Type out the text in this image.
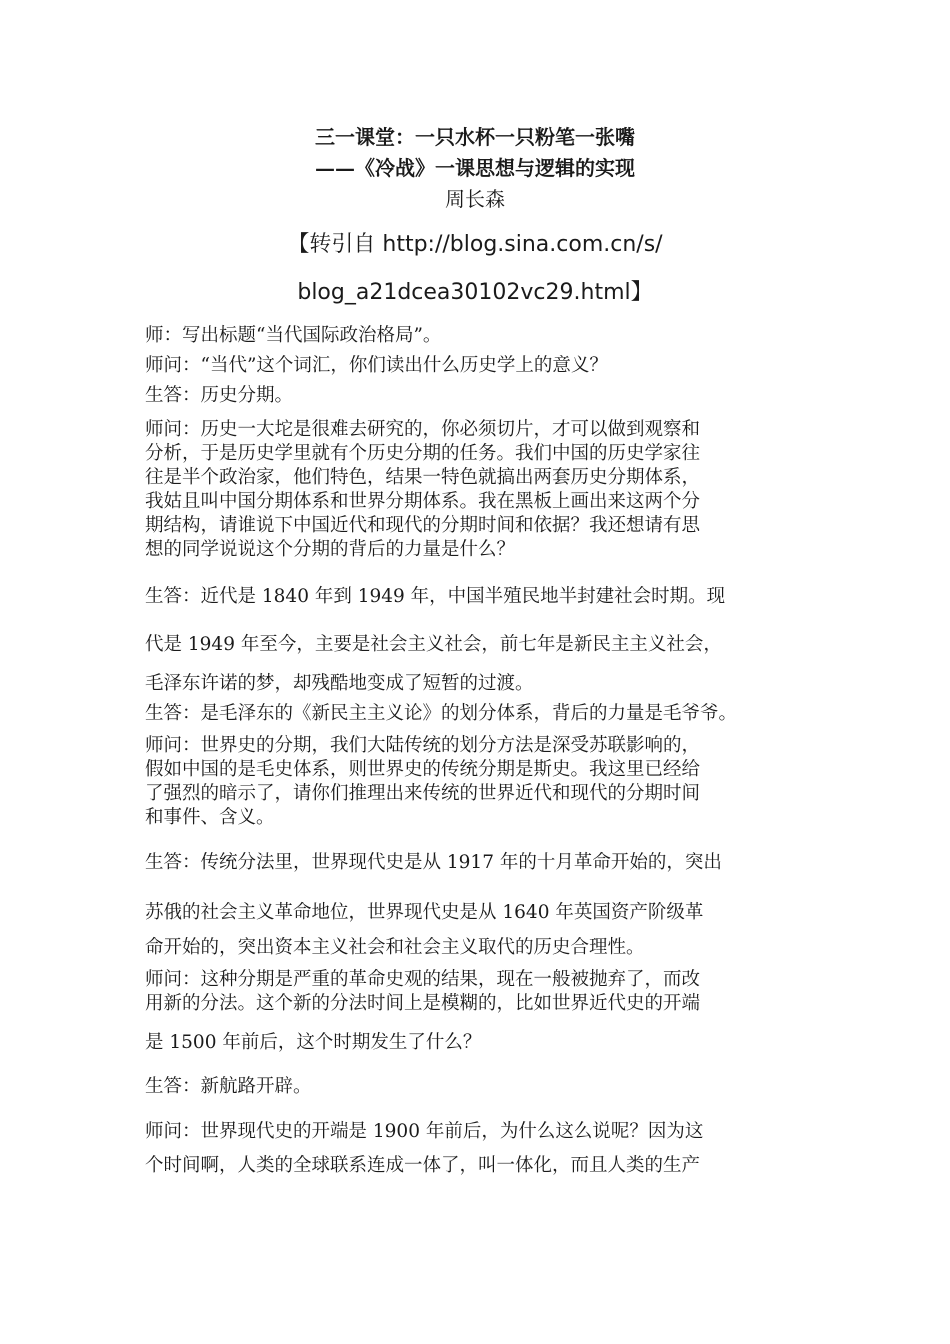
三一课堂：一只水杯一只粉笔一张嘴
——《冷战》一课思想与逻辑的实现
周长森
【转引自 http://blog.sina.com.cn/s/
blog_a21dcea30102vc29.html】
师：写出标题“当代国际政治格局”。
师问：“当代”这个词汇，你们读出什么历史学上的意义？
生答：历史分期。
师问：历史一大坨是很难去研究的，你必须切片，才可以做到观察和
分析，于是历史学里就有个历史分期的任务。我们中国的历史学家往
往是半个政治家，他们特色，结果一特色就搞出两套历史分期体系，
我姑且叫中国分期体系和世界分期体系。我在黑板上画出来这两个分
期结构，请谁说下中国近代和现代的分期时间和依据？我还想请有思
想的同学说说这个分期的背后的力量是什么？
生答：近代是 1840 年到 1949 年，中国半殖民地半封建社会时期。现
代是 1949 年至今，主要是社会主义社会，前七年是新民主主义社会，
毛泽东许诺的梦，却残酷地变成了短暂的过渡。
生答：是毛泽东的《新民主主义论》的划分体系，背后的力量是毛爷爷。
师问：世界史的分期，我们大陆传统的划分方法是深受苏联影响的，
假如中国的是毛史体系，则世界史的传统分期是斯史。我这里已经给
了强烈的暗示了，请你们推理出来传统的世界近代和现代的分期时间
和事件、含义。
生答：传统分法里，世界现代史是从 1917 年的十月革命开始的，突出
苏俄的社会主义革命地位，世界现代史是从 1640 年英国资产阶级革
命开始的，突出资本主义社会和社会主义取代的历史合理性。
师问：这种分期是严重的革命史观的结果，现在一般被抛弃了，而改
用新的分法。这个新的分法时间上是模糊的，比如世界近代史的开端
是 1500 年前后，这个时期发生了什么？
生答：新航路开辟。
师问：世界现代史的开端是 1900 年前后，为什么这么说呢？因为这
个时间啊，人类的全球联系连成一体了，叫一体化，而且人类的生产
